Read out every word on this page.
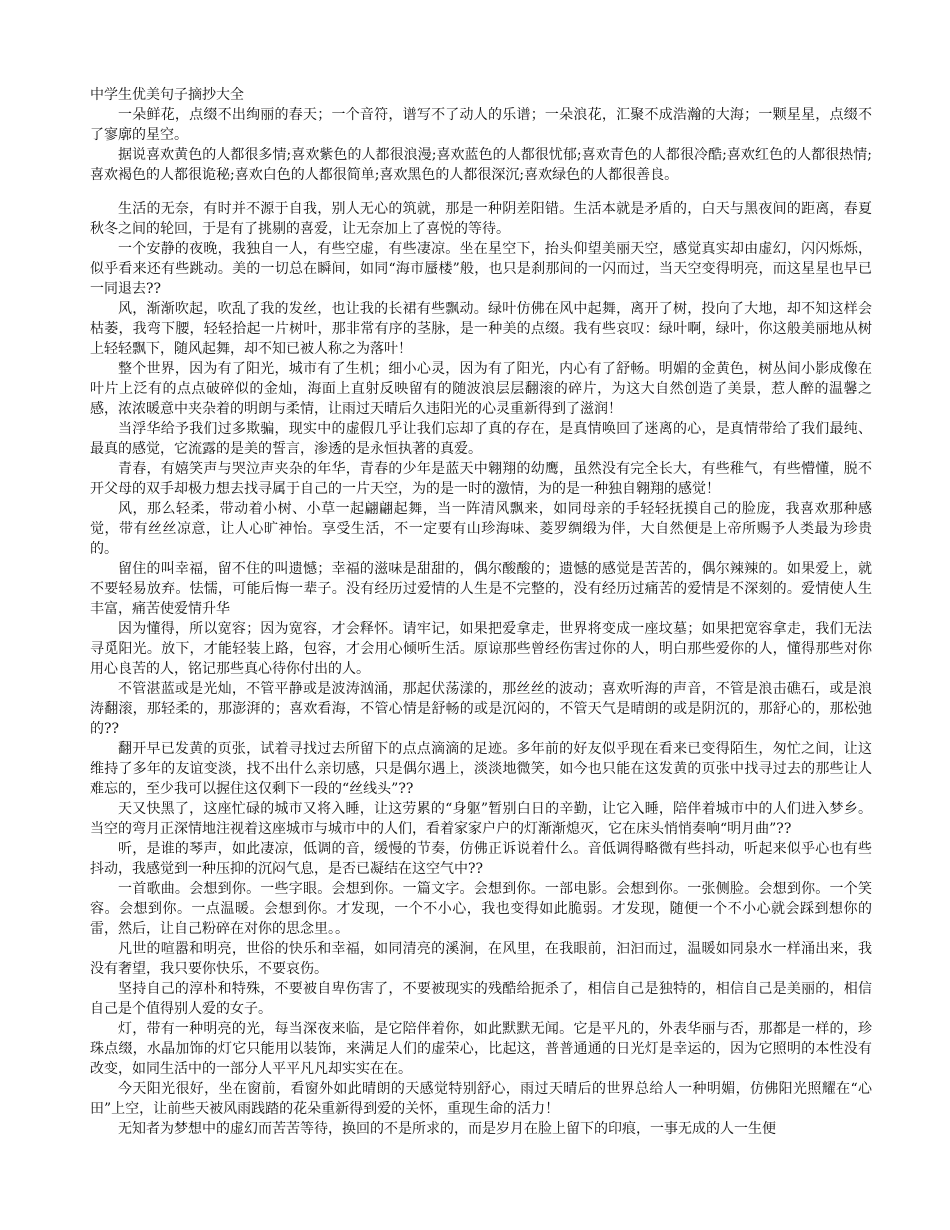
中学生优美句子摘抄大全

一朵鲜花，点缀不出绚丽的春天；一个音符，谱写不了动人的乐谱；一朵浪花，汇聚不成浩瀚的大海；一颗星星，点缀不了寥廓的星空。

据说喜欢黄色的人都很多情;喜欢紫色的人都很浪漫;喜欢蓝色的人都很忧郁;喜欢青色的人都很冷酷;喜欢红色的人都很热情;喜欢褐色的人都很诡秘;喜欢白色的人都很简单;喜欢黑色的人都很深沉;喜欢绿色的人都很善良。

生活的无奈，有时并不源于自我，别人无心的筑就，那是一种阴差阳错。生活本就是矛盾的，白天与黑夜间的距离，春夏秋冬之间的轮回，于是有了挑剔的喜爱，让无奈加上了喜悦的等待。

一个安静的夜晚，我独自一人，有些空虚，有些凄凉。坐在星空下，抬头仰望美丽天空，感觉真实却由虚幻，闪闪烁烁，似乎看来还有些跳动。美的一切总在瞬间，如同“海市蜃楼”般，也只是刹那间的一闪而过，当天空变得明亮，而这星星也早已一同退去??

风，渐渐吹起，吹乱了我的发丝，也让我的长裙有些飘动。绿叶仿佛在风中起舞，离开了树，投向了大地，却不知这样会枯萎，我弯下腰，轻轻拾起一片树叶，那非常有序的茎脉，是一种美的点缀。我有些哀叹：绿叶啊，绿叶，你这般美丽地从树上轻轻飘下，随风起舞，却不知已被人称之为落叶！

整个世界，因为有了阳光，城市有了生机；细小心灵，因为有了阳光，内心有了舒畅。明媚的金黄色，树丛间小影成像在叶片上泛有的点点破碎似的金灿，海面上直射反映留有的随波浪层层翻滚的碎片，为这大自然创造了美景，惹人醉的温馨之感，浓浓暖意中夹杂着的明朗与柔情，让雨过天晴后久违阳光的心灵重新得到了滋润！

当浮华给予我们过多欺骗，现实中的虚假几乎让我们忘却了真的存在，是真情唤回了迷离的心，是真情带给了我们最纯、最真的感觉，它流露的是美的誓言，渗透的是永恒执著的真爱。

青春，有嬉笑声与哭泣声夹杂的年华，青春的少年是蓝天中翱翔的幼鹰，虽然没有完全长大，有些稚气，有些懵懂，脱不开父母的双手却极力想去找寻属于自己的一片天空，为的是一时的激情，为的是一种独自翱翔的感觉！

风，那么轻柔，带动着小树、小草一起翩翩起舞，当一阵清风飘来，如同母亲的手轻轻抚摸自己的脸庞，我喜欢那种感觉，带有丝丝凉意，让人心旷神怡。享受生活，不一定要有山珍海味、菱罗绸缎为伴，大自然便是上帝所赐予人类最为珍贵的。

留住的叫幸福，留不住的叫遗憾；幸福的滋味是甜甜的，偶尔酸酸的；遗憾的感觉是苦苦的，偶尔辣辣的。如果爱上，就不要轻易放弃。怯懦，可能后悔一辈子。没有经历过爱情的人生是不完整的，没有经历过痛苦的爱情是不深刻的。爱情使人生丰富，痛苦使爱情升华

因为懂得，所以宽容；因为宽容，才会释怀。请牢记，如果把爱拿走，世界将变成一座坟墓；如果把宽容拿走，我们无法寻觅阳光。放下，才能轻装上路，包容，才会用心倾听生活。原谅那些曾经伤害过你的人，明白那些爱你的人，懂得那些对你用心良苦的人，铭记那些真心待你付出的人。

不管湛蓝或是光灿，不管平静或是波涛汹涌，那起伏荡漾的，那丝丝的波动；喜欢听海的声音，不管是浪击礁石，或是浪涛翻滚，那轻柔的，那澎湃的；喜欢看海，不管心情是舒畅的或是沉闷的，不管天气是晴朗的或是阴沉的，那舒心的，那松弛的??

翻开早已发黄的页张，试着寻找过去所留下的点点滴滴的足迹。多年前的好友似乎现在看来已变得陌生，匆忙之间，让这维持了多年的友谊变淡，找不出什么亲切感，只是偶尔遇上，淡淡地微笑，如今也只能在这发黄的页张中找寻过去的那些让人难忘的，至少我可以握住这仅剩下一段的“丝线头”??

天又快黑了，这座忙碌的城市又将入睡，让这劳累的“身躯”暂别白日的辛勤，让它入睡，陪伴着城市中的人们进入梦乡。当空的弯月正深情地注视着这座城市与城市中的人们，看着家家户户的灯渐渐熄灭，它在床头悄悄奏响“明月曲”??

听，是谁的琴声，如此凄凉，低调的音，缓慢的节奏，仿佛正诉说着什么。音低调得略微有些抖动，听起来似乎心也有些抖动，我感觉到一种压抑的沉闷气息，是否已凝结在这空气中??

一首歌曲。会想到你。一些字眼。会想到你。一篇文字。会想到你。一部电影。会想到你。一张侧脸。会想到你。一个笑容。会想到你。一点温暖。会想到你。才发现，一个不小心，我也变得如此脆弱。才发现，随便一个不小心就会踩到想你的雷，然后，让自己粉碎在对你的思念里。。

凡世的喧嚣和明亮，世俗的快乐和幸福，如同清亮的溪涧，在风里，在我眼前，汩汩而过，温暖如同泉水一样涌出来，我没有奢望，我只要你快乐，不要哀伤。

坚持自己的淳朴和特殊，不要被自卑伤害了，不要被现实的残酷给扼杀了，相信自己是独特的，相信自己是美丽的，相信自己是个值得别人爱的女子。

灯，带有一种明亮的光，每当深夜来临，是它陪伴着你，如此默默无闻。它是平凡的，外表华丽与否，那都是一样的，珍珠点缀，水晶加饰的灯它只能用以装饰，来满足人们的虚荣心，比起这，普普通通的日光灯是幸运的，因为它照明的本性没有改变，如同生活中的一部分人平平凡凡却实实在在。

今天阳光很好，坐在窗前，看窗外如此晴朗的天感觉特别舒心，雨过天晴后的世界总给人一种明媚，仿佛阳光照耀在“心田”上空，让前些天被风雨践踏的花朵重新得到爱的关怀，重现生命的活力！

无知者为梦想中的虚幻而苦苦等待，换回的不是所求的，而是岁月在脸上留下的印痕，一事无成的人一生便
